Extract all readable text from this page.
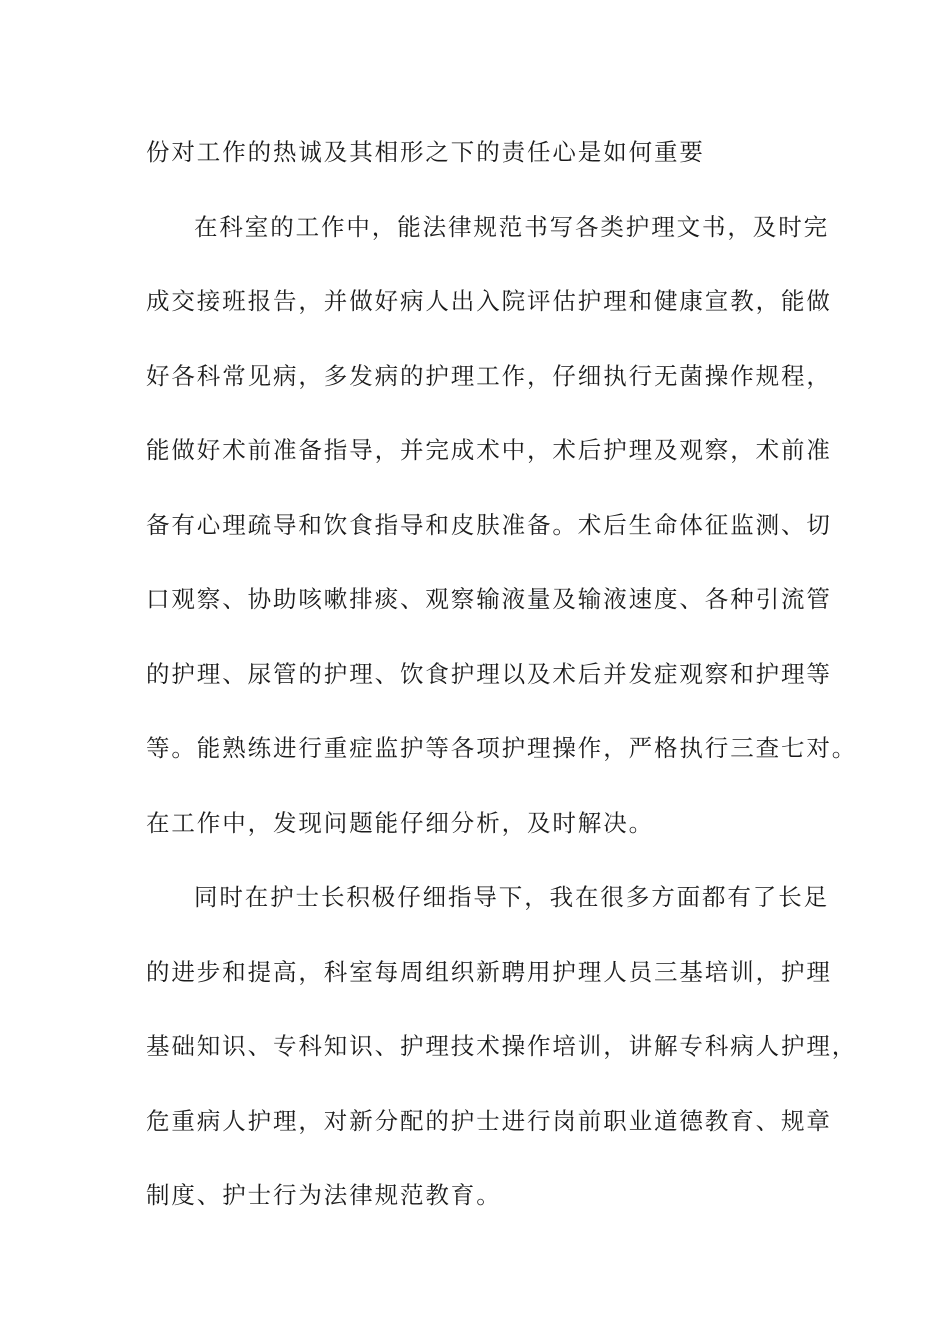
份对工作的热诚及其相形之下的责任心是如何重要
在科室的工作中，能法律规范书写各类护理文书，及时完
成交接班报告，并做好病人出入院评估护理和健康宣教，能做
好各科常见病，多发病的护理工作，仔细执行无菌操作规程，
能做好术前准备指导，并完成术中，术后护理及观察，术前准
备有心理疏导和饮食指导和皮肤准备。术后生命体征监测、切
口观察、协助咳嗽排痰、观察输液量及输液速度、各种引流管
的护理、尿管的护理、饮食护理以及术后并发症观察和护理等
等。能熟练进行重症监护等各项护理操作，严格执行三查七对。
在工作中，发现问题能仔细分析，及时解决。
同时在护士长积极仔细指导下，我在很多方面都有了长足
的进步和提高，科室每周组织新聘用护理人员三基培训，护理
基础知识、专科知识、护理技术操作培训，讲解专科病人护理，
危重病人护理，对新分配的护士进行岗前职业道德教育、规章
制度、护士行为法律规范教育。
